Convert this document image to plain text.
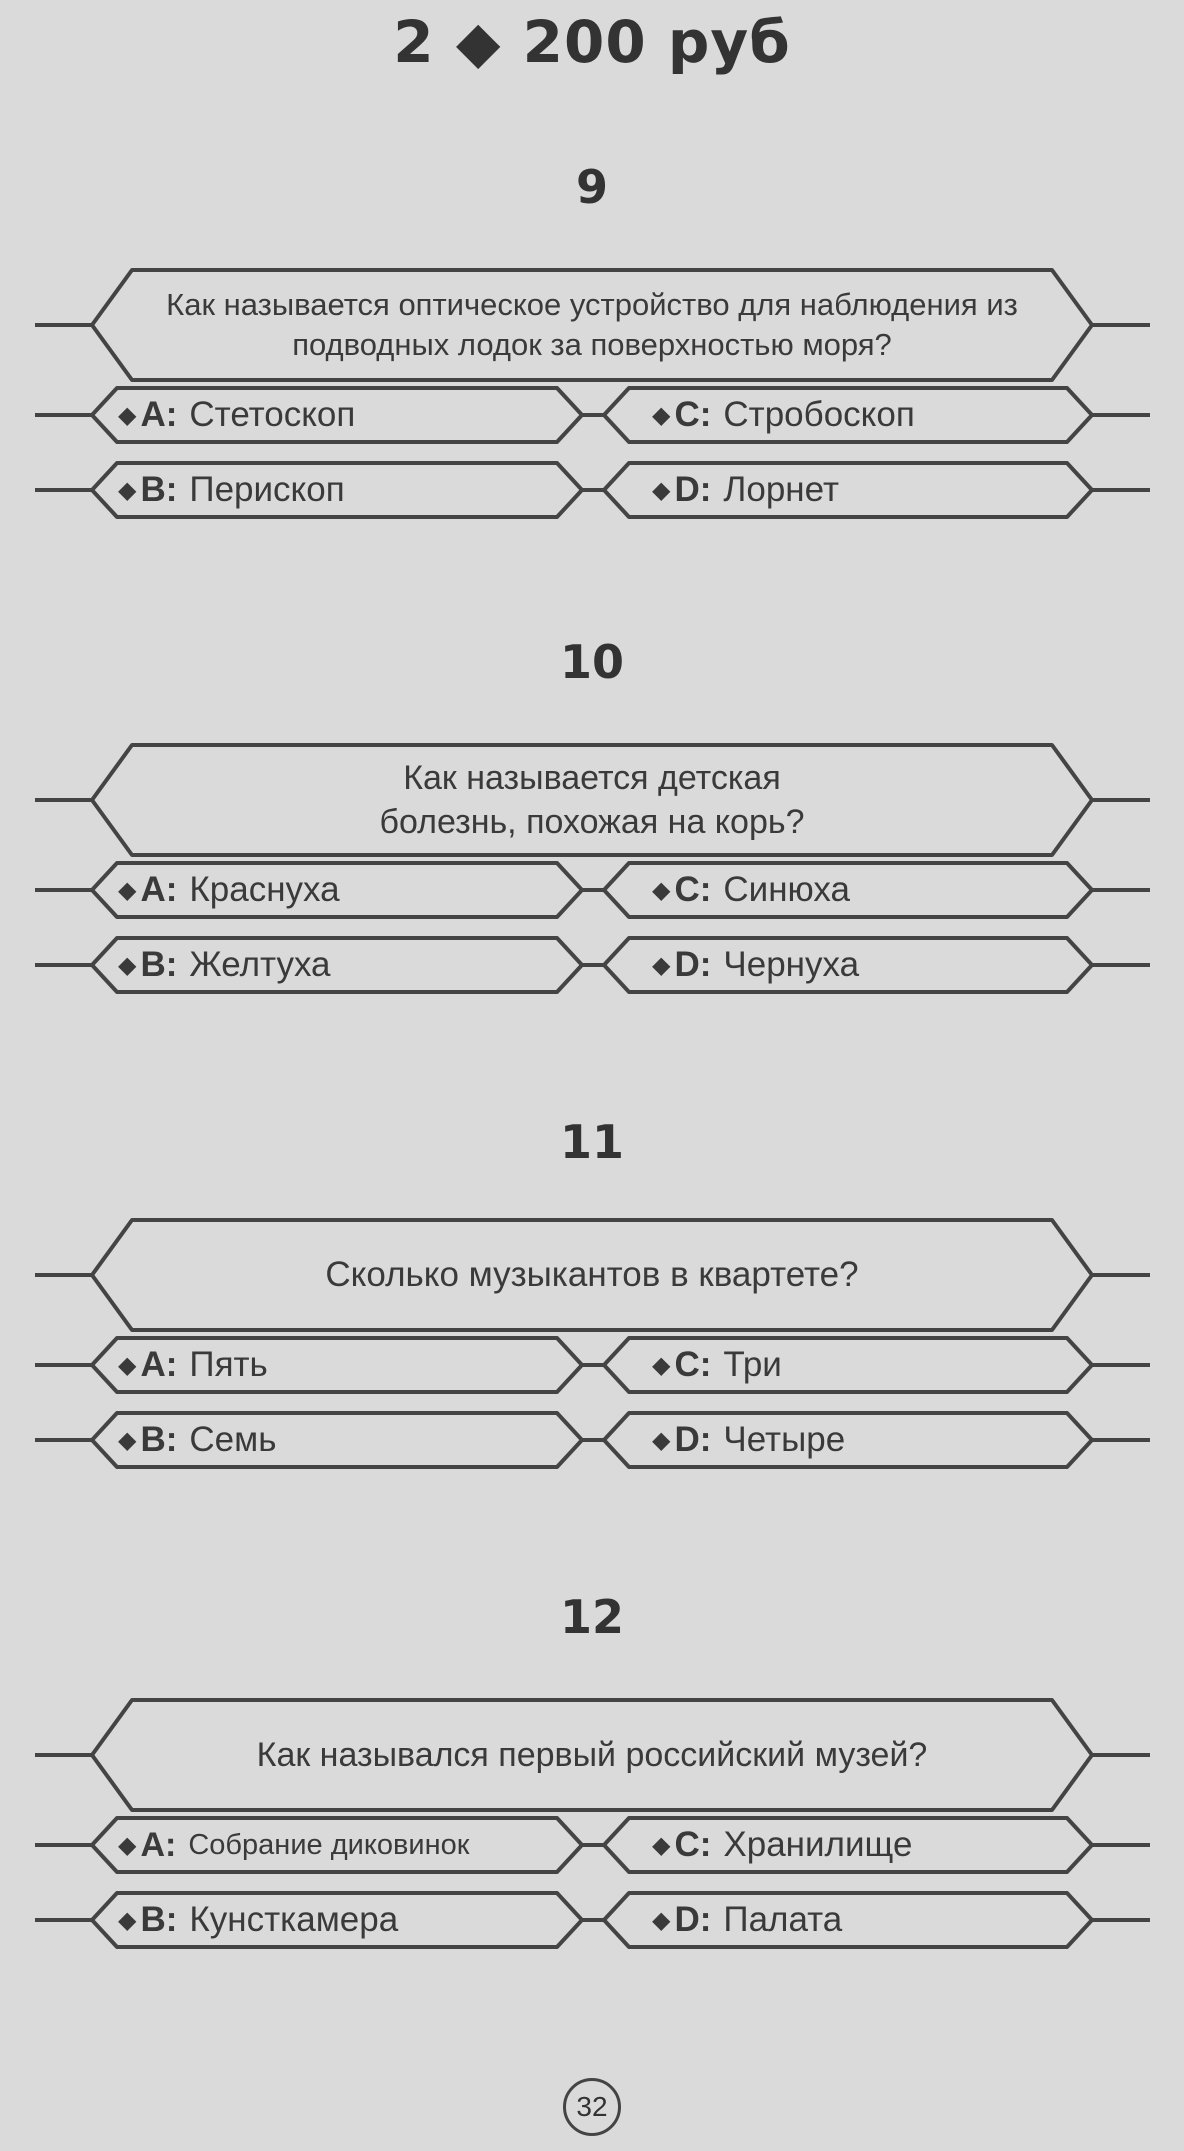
2 ◆ 200 руб
9
Как называется оптическое устройство для наблюдения из подводных лодок за поверхностью моря?
◆ A: Стетоскоп	◆ C: Стробоскоп
◆ B: Перископ	◆ D: Лорнет
10
Как называется детская болезнь, похожая на корь?
◆ A: Краснуха	◆ C: Синюха
◆ B: Желтуха	◆ D: Чернуха
11
Сколько музыкантов в квартете?
◆ A: Пять	◆ C: Три
◆ B: Семь	◆ D: Четыре
12
Как назывался первый российский музей?
◆ A: Собрание диковинок	◆ C: Хранилище
◆ B: Кунсткамера	◆ D: Палата
32
